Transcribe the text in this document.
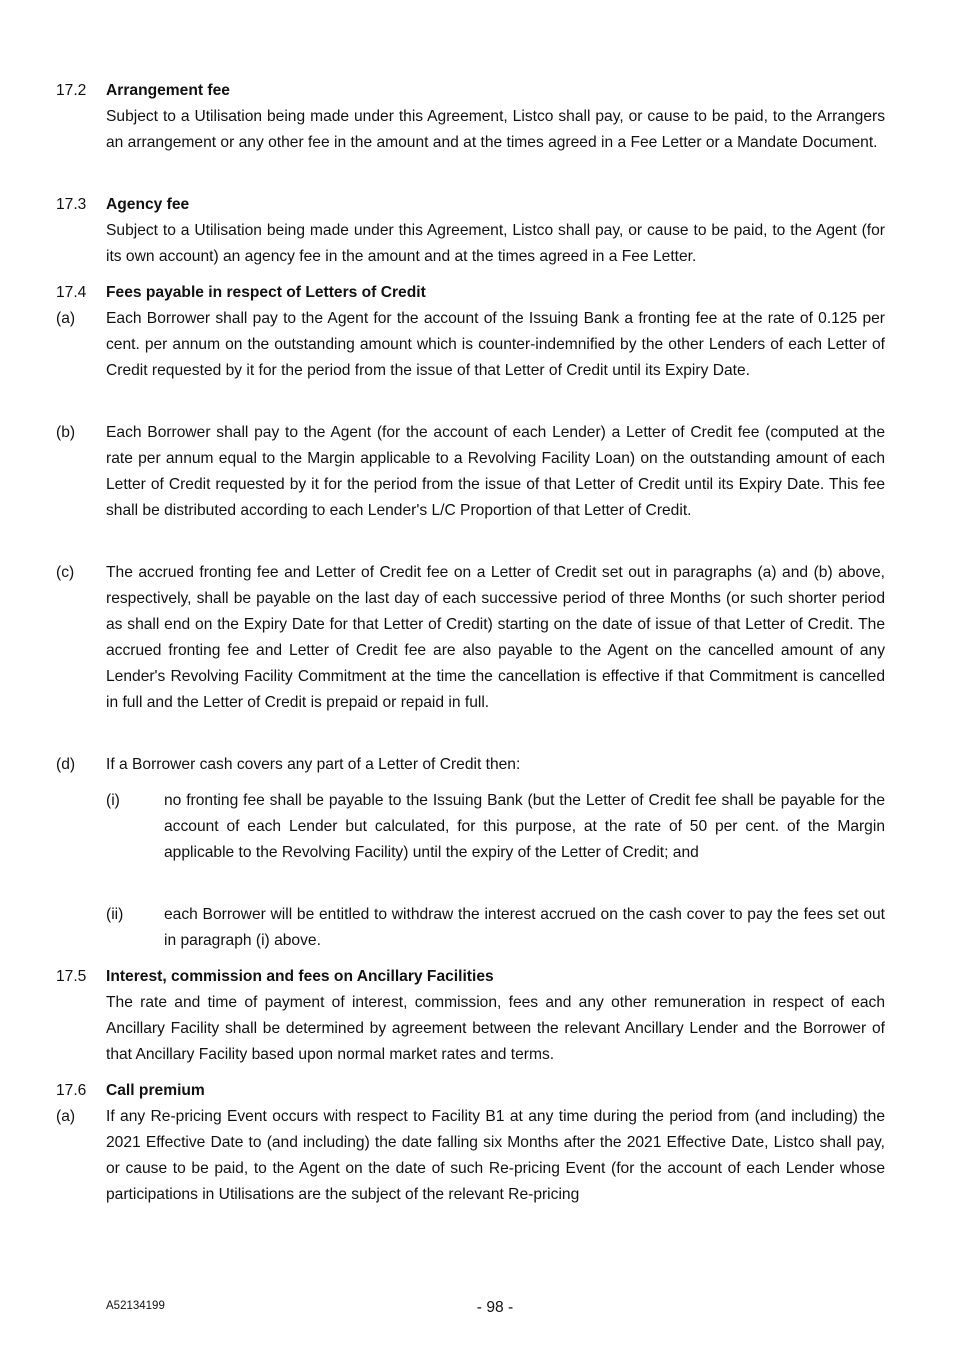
17.2 Arrangement fee
Subject to a Utilisation being made under this Agreement, Listco shall pay, or cause to be paid, to the Arrangers an arrangement or any other fee in the amount and at the times agreed in a Fee Letter or a Mandate Document.
17.3 Agency fee
Subject to a Utilisation being made under this Agreement, Listco shall pay, or cause to be paid, to the Agent (for its own account) an agency fee in the amount and at the times agreed in a Fee Letter.
17.4 Fees payable in respect of Letters of Credit
(a) Each Borrower shall pay to the Agent for the account of the Issuing Bank a fronting fee at the rate of 0.125 per cent. per annum on the outstanding amount which is counter-indemnified by the other Lenders of each Letter of Credit requested by it for the period from the issue of that Letter of Credit until its Expiry Date.
(b) Each Borrower shall pay to the Agent (for the account of each Lender) a Letter of Credit fee (computed at the rate per annum equal to the Margin applicable to a Revolving Facility Loan) on the outstanding amount of each Letter of Credit requested by it for the period from the issue of that Letter of Credit until its Expiry Date. This fee shall be distributed according to each Lender's L/C Proportion of that Letter of Credit.
(c) The accrued fronting fee and Letter of Credit fee on a Letter of Credit set out in paragraphs (a) and (b) above, respectively, shall be payable on the last day of each successive period of three Months (or such shorter period as shall end on the Expiry Date for that Letter of Credit) starting on the date of issue of that Letter of Credit. The accrued fronting fee and Letter of Credit fee are also payable to the Agent on the cancelled amount of any Lender's Revolving Facility Commitment at the time the cancellation is effective if that Commitment is cancelled in full and the Letter of Credit is prepaid or repaid in full.
(d) If a Borrower cash covers any part of a Letter of Credit then:
(i)	no fronting fee shall be payable to the Issuing Bank (but the Letter of Credit fee shall be payable for the account of each Lender but calculated, for this purpose, at the rate of 50 per cent. of the Margin applicable to the Revolving Facility) until the expiry of the Letter of Credit; and
(ii)	each Borrower will be entitled to withdraw the interest accrued on the cash cover to pay the fees set out in paragraph (i) above.
17.5 Interest, commission and fees on Ancillary Facilities
The rate and time of payment of interest, commission, fees and any other remuneration in respect of each Ancillary Facility shall be determined by agreement between the relevant Ancillary Lender and the Borrower of that Ancillary Facility based upon normal market rates and terms.
17.6 Call premium
(a) If any Re-pricing Event occurs with respect to Facility B1 at any time during the period from (and including) the 2021 Effective Date to (and including) the date falling six Months after the 2021 Effective Date, Listco shall pay, or cause to be paid, to the Agent on the date of such Re-pricing Event (for the account of each Lender whose participations in Utilisations are the subject of the relevant Re-pricing
A52134199	- 98 -
